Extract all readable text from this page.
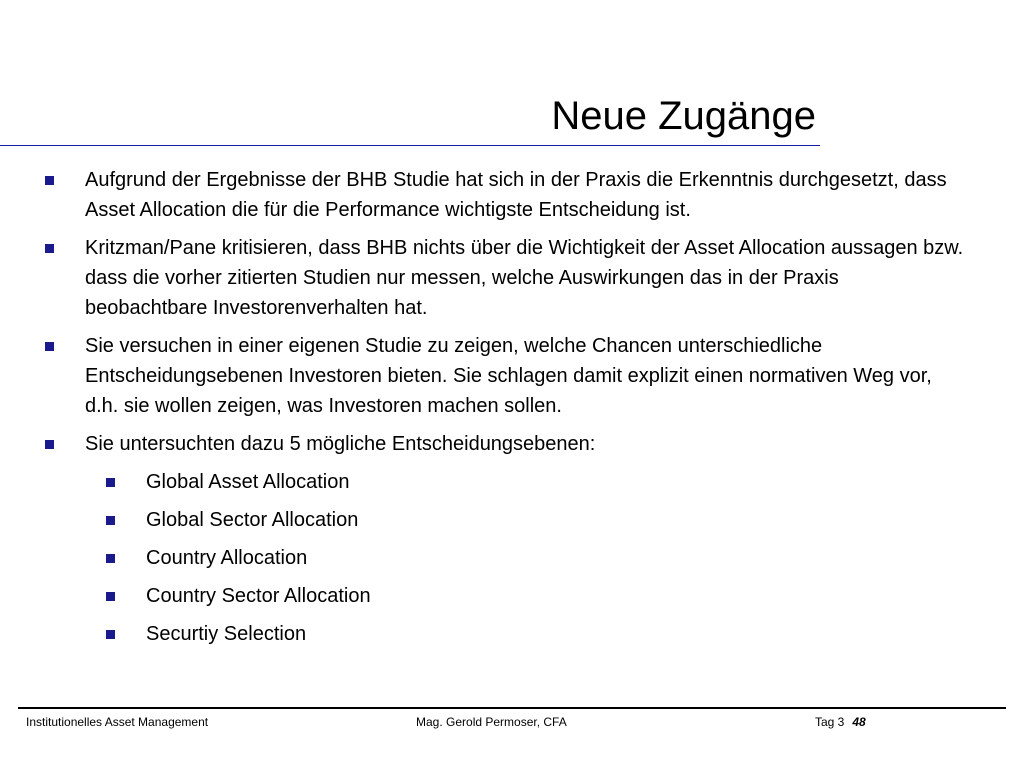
Neue Zugänge
Aufgrund der Ergebnisse der BHB Studie hat sich in der Praxis die Erkenntnis durchgesetzt, dass Asset Allocation die für die Performance wichtigste Entscheidung ist.
Kritzman/Pane kritisieren, dass BHB nichts über die Wichtigkeit der Asset Allocation aussagen bzw. dass die vorher zitierten Studien nur messen, welche Auswirkungen das in der Praxis beobachtbare Investorenverhalten hat.
Sie versuchen in einer eigenen Studie zu zeigen, welche Chancen unterschiedliche Entscheidungsebenen Investoren bieten. Sie schlagen damit explizit einen normativen Weg vor, d.h. sie wollen zeigen, was Investoren machen sollen.
Sie untersuchten dazu 5 mögliche Entscheidungsebenen:
Global Asset Allocation
Global Sector Allocation
Country Allocation
Country Sector Allocation
Securtiy Selection
Institutionelles Asset Management	Mag. Gerold Permoser, CFA	Tag 3 48
